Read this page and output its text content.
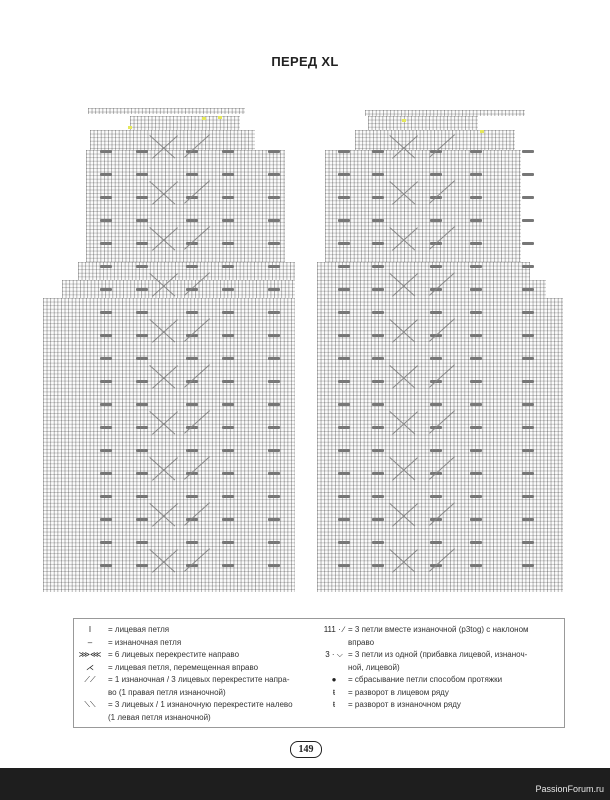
ПЕРЕД XL
I	= лицевая петля
–	= изнаночная петля
⋙⋘ = 6 лицевых перекрестите направо
⋌	= лицевая петля, перемещенная вправо
⟋⟋	= 1 изнаночная / 3 лицевых перекрестите напра-
во (1 правая петля изнаночной)
⟍⟍	= 3 лицевых / 1 изнаночную перекрестите налево
(1 левая петля изнаночной)
111 · ∕ = 3 петли вместе изнаночной (p3tog) с наклоном
вправо
3 · ⌵ = 3 петли из одной (прибавка лицевой, изнаноч-
ной, лицевой)
●	= сбрасывание петли способом протяжки
ŧ	= разворот в лицевом ряду
ŧ	= разворот в изнаночном ряду
149
PassionForum.ru
